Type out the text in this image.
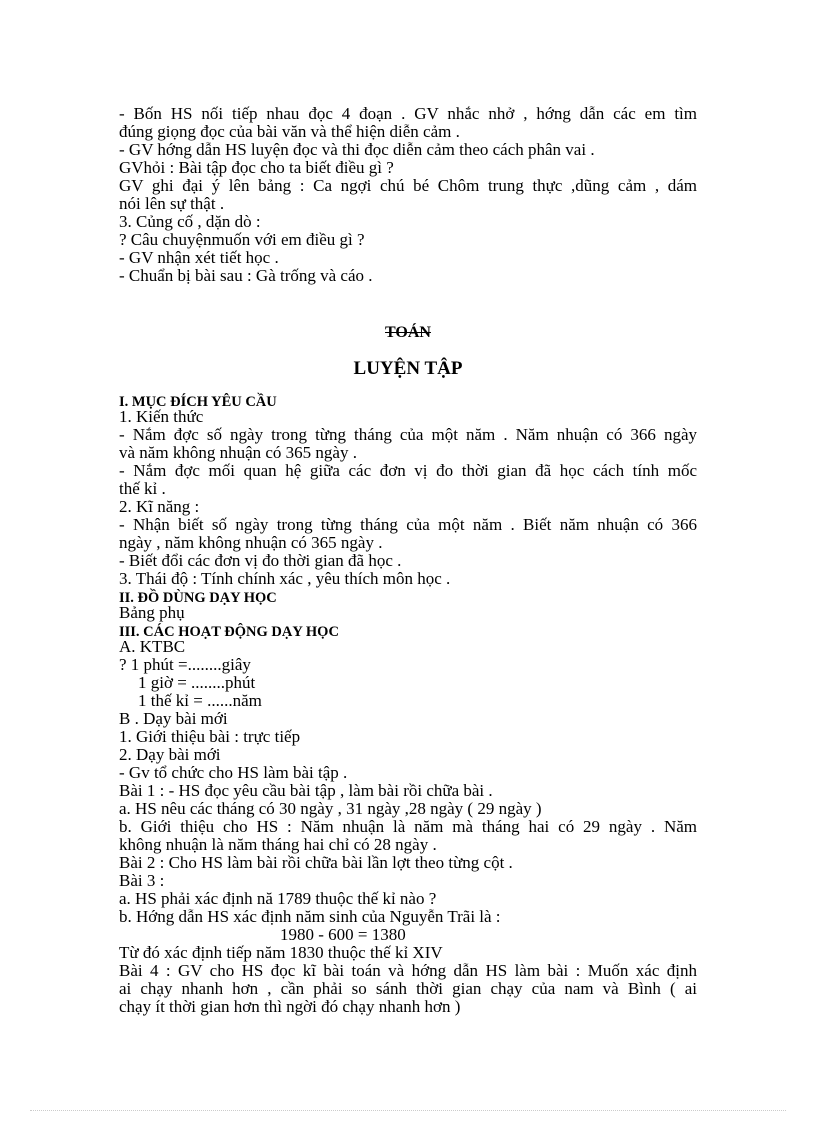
- Bốn HS nối tiếp nhau đọc 4 đoạn . GV nhắc nhở , hớng dẫn các em tìm
đúng giọng đọc của bài văn và thể hiện diễn cảm .
- GV hớng dẫn HS luyện đọc và thi đọc diễn cảm theo cách phân vai .
GVhỏi : Bài tập đọc cho ta biết điều gì ?
GV ghi đại ý lên bảng : Ca ngợi chú bé Chôm trung thực ,dũng cảm , dám
nói lên sự thật .
3. Củng cố , dặn dò :
? Câu chuyệnmuốn với em điều gì ?
- GV nhận xét tiết học .
- Chuẩn bị bài sau : Gà trống và cáo .
TOÁN
LUYỆN TẬP
I. MỤC ĐÍCH YÊU CẦU
1. Kiến thức
- Nắm đợc số ngày trong từng tháng của một năm . Năm nhuận có 366 ngày
và năm không nhuận có 365 ngày .
- Nắm đợc mối quan hệ giữa các đơn vị đo thời gian đã học cách tính mốc
thế kỉ .
2. Kĩ năng :
- Nhận biết số ngày trong từng tháng của một năm . Biết năm nhuận có 366
ngày , năm không nhuận có 365 ngày .
- Biết đổi các đơn vị đo thời gian đã học .
3. Thái độ : Tính chính xác , yêu thích môn học .
II. ĐỒ DÙNG DẠY HỌC
Bảng phụ
III. CÁC HOẠT ĐỘNG DẠY HỌC
A. KTBC
? 1 phút =........giây
1 giờ = ........phút
1 thế kỉ = ......năm
B . Dạy bài mới
1. Giới thiệu bài : trực tiếp
2. Dạy bài mới
- Gv tổ chức cho HS làm bài tập .
Bài 1 : - HS đọc yêu cầu bài tập , làm bài rồi chữa bài .
a. HS nêu các tháng có 30 ngày , 31 ngày ,28 ngày ( 29 ngày )
b. Giới thiệu cho HS : Năm nhuận là năm mà tháng hai có 29 ngày . Năm
không nhuận là năm tháng hai chỉ có 28 ngày .
Bài 2 : Cho HS làm bài rồi chữa bài lần lợt theo từng cột .
Bài 3 :
a. HS phải xác định nă 1789 thuộc thế kỉ nào ?
b. Hớng dẫn HS xác định năm sinh của Nguyễn Trãi là :
1980 - 600 = 1380
Từ đó xác định tiếp năm 1830 thuộc thế kỉ XIV
Bài 4 : GV cho HS đọc kĩ bài toán và hớng dẫn HS làm bài : Muốn xác định
ai chạy nhanh hơn , cần phải so sánh thời gian chạy của nam và Bình ( ai
chạy ít thời gian hơn thì ngời đó chạy nhanh hơn )
